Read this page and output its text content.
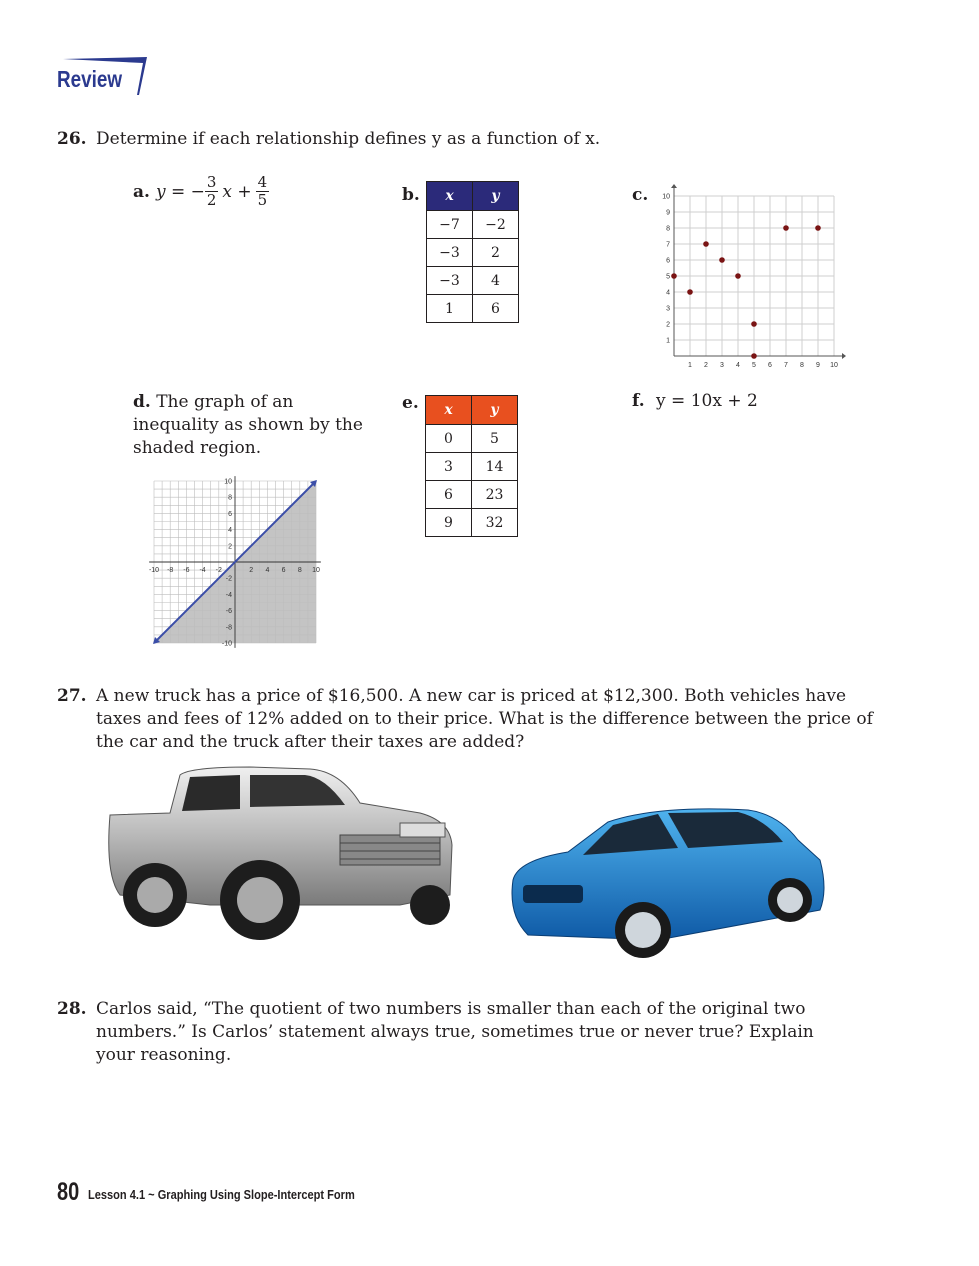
Review
26. Determine if each relationship defines y as a function of x.
a. y = − $\frac{3}{2}$ $x + \frac{4}{5}$	b. x	y
−7	−2
−3	2
−3	4
1	6
c.
1 2 3 4 5 6 7 8 9 10
1
2
3
4
5
6
7
8
9
10
d. The graph of an inequality as shown by the shaded region.
-10 -8 -6 -4 -2	2 4 6 8 10
10
8
6
4
2
-2
-4
-6
-8
-10
e. x	y
0	5
3	14
6	23
9	32
f. y = 10x + 2
27. A new truck has a price of $16,500. A new car is priced at $12,300. Both vehicles have taxes and fees of 12% added on to their price. What is the difference between the price of the car and the truck after their taxes are added?
28. Carlos said, “The quotient of two numbers is smaller than each of the original two numbers.” Is Carlos’ statement always true, sometimes true or never true? Explain your reasoning.
80 Lesson 4.1 ~ Graphing Using Slope-Intercept Form
